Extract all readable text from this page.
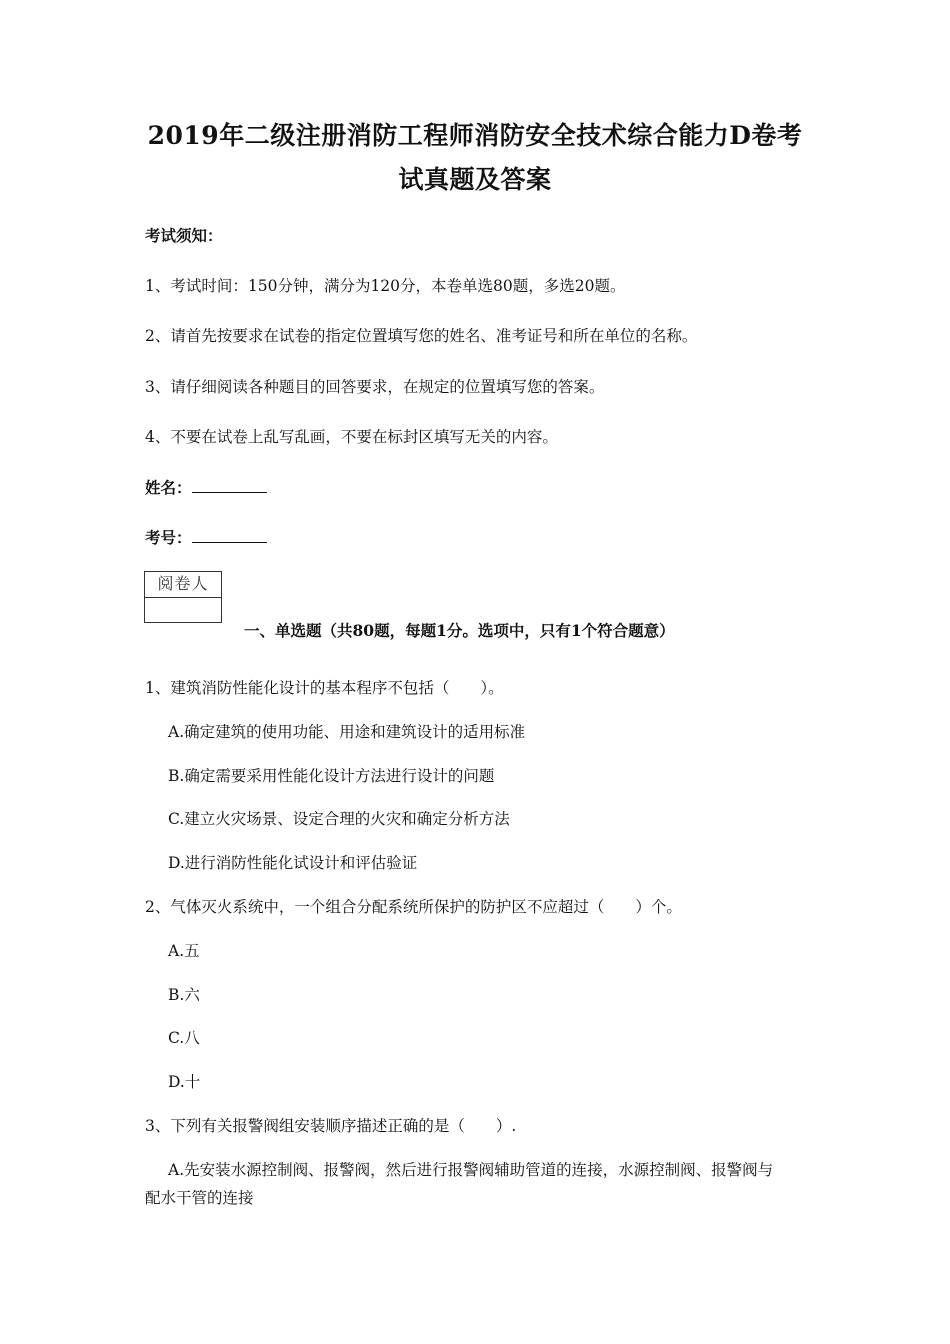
2019年二级注册消防工程师消防安全技术综合能力D卷考
试真题及答案
考试须知：
1、考试时间：150分钟，满分为120分，本卷单选80题，多选20题。
2、请首先按要求在试卷的指定位置填写您的姓名、准考证号和所在单位的名称。
3、请仔细阅读各种题目的回答要求，在规定的位置填写您的答案。
4、不要在试卷上乱写乱画，不要在标封区填写无关的内容。
姓名：
考号：
阅卷人
一、单选题（共80题，每题1分。选项中，只有1个符合题意）
1、建筑消防性能化设计的基本程序不包括（　　）。
A.确定建筑的使用功能、用途和建筑设计的适用标准
B.确定需要采用性能化设计方法进行设计的问题
C.建立火灾场景、设定合理的火灾和确定分析方法
D.进行消防性能化试设计和评估验证
2、气体灭火系统中，一个组合分配系统所保护的防护区不应超过（　　）个。
A.五
B.六
C.八
D.十
3、下列有关报警阀组安装顺序描述正确的是（　　）.
A.先安装水源控制阀、报警阀，然后进行报警阀辅助管道的连接，水源控制阀、报警阀与
配水干管的连接
